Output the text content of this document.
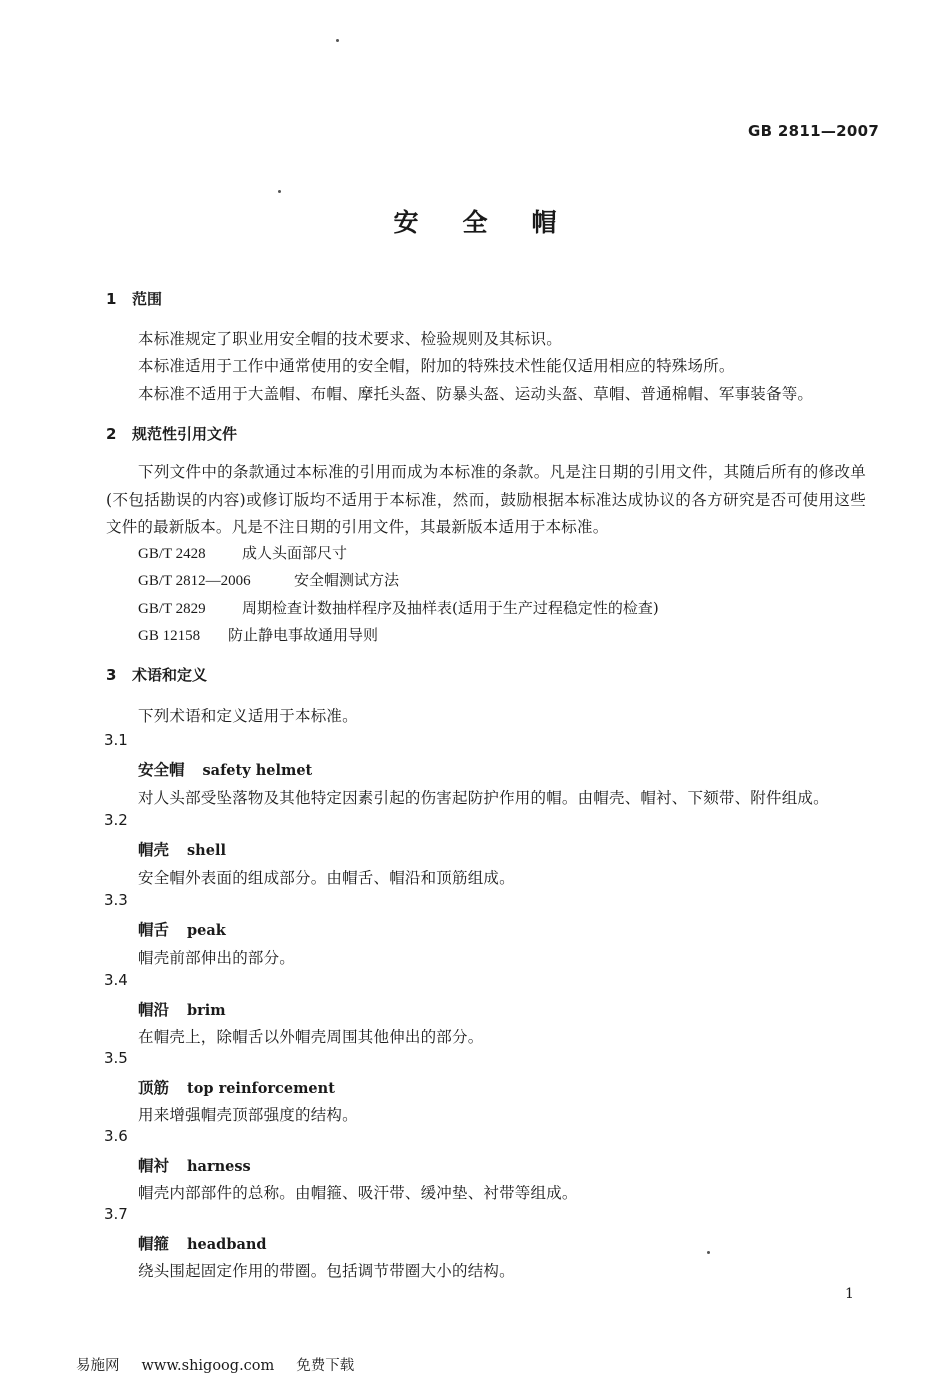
GB 2811—2007
安全帽
1 范围
本标准规定了职业用安全帽的技术要求、检验规则及其标识。
本标准适用于工作中通常使用的安全帽，附加的特殊技术性能仅适用相应的特殊场所。
本标准不适用于大盖帽、布帽、摩托头盔、防暴头盔、运动头盔、草帽、普通棉帽、军事装备等。
2 规范性引用文件
下列文件中的条款通过本标准的引用而成为本标准的条款。凡是注日期的引用文件，其随后所有的修改单(不包括勘误的内容)或修订版均不适用于本标准，然而，鼓励根据本标准达成协议的各方研究是否可使用这些文件的最新版本。凡是不注日期的引用文件，其最新版本适用于本标准。
GB/T 2428 成人头面部尺寸
GB/T 2812—2006	安全帽测试方法
GB/T 2829 周期检查计数抽样程序及抽样表(适用于生产过程稳定性的检查)
GB 12158 防止静电事故通用导则
3 术语和定义
下列术语和定义适用于本标准。
3.1
安全帽 safety helmet
对人头部受坠落物及其他特定因素引起的伤害起防护作用的帽。由帽壳、帽衬、下颏带、附件组成。
3.2
帽壳 shell
安全帽外表面的组成部分。由帽舌、帽沿和顶筋组成。
3.3
帽舌 peak
帽壳前部伸出的部分。
3.4
帽沿 brim
在帽壳上，除帽舌以外帽壳周围其他伸出的部分。
3.5
顶筋 top reinforcement
用来增强帽壳顶部强度的结构。
3.6
帽衬 harness
帽壳内部部件的总称。由帽箍、吸汗带、缓冲垫、衬带等组成。
3.7
帽箍 headband
绕头围起固定作用的带圈。包括调节带圈大小的结构。
1
易施网 www.shigoog.com 免费下载
